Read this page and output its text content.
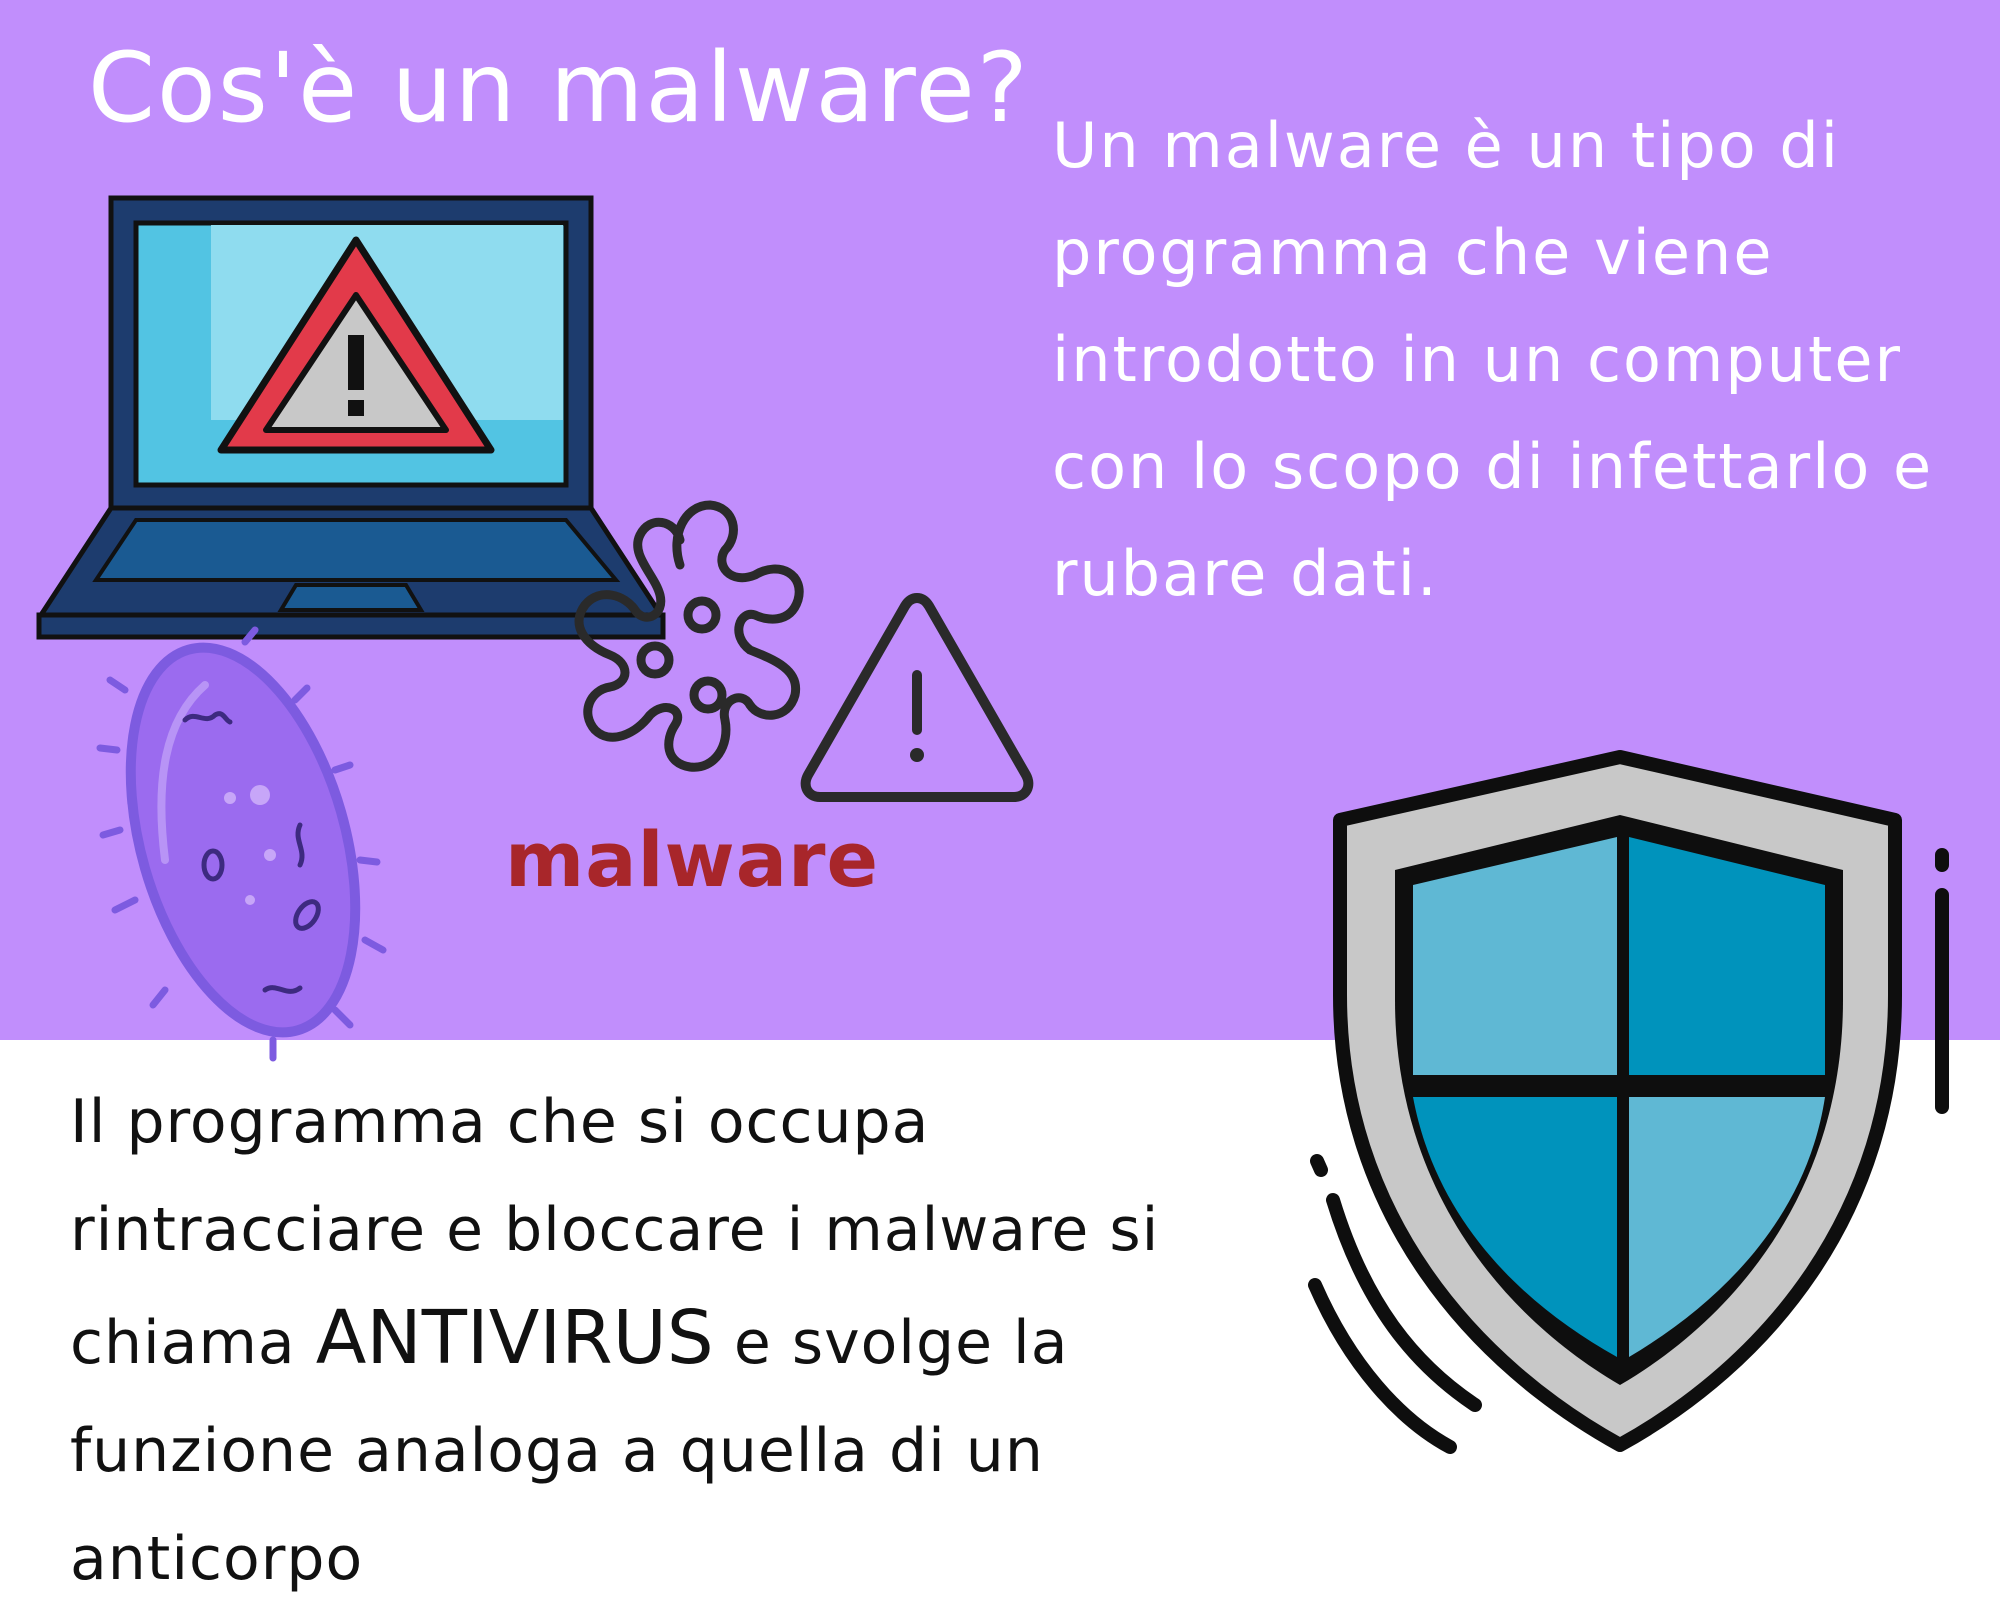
Cos'è un malware?
Un malware è un tipo di
programma che viene
introdotto in un computer
con lo scopo di infettarlo e
rubare dati.
malware
Il programma che si occupa
rintracciare e bloccare i malware si
chiama ANTIVIRUS e svolge la
funzione analoga a quella di un
anticorpo
